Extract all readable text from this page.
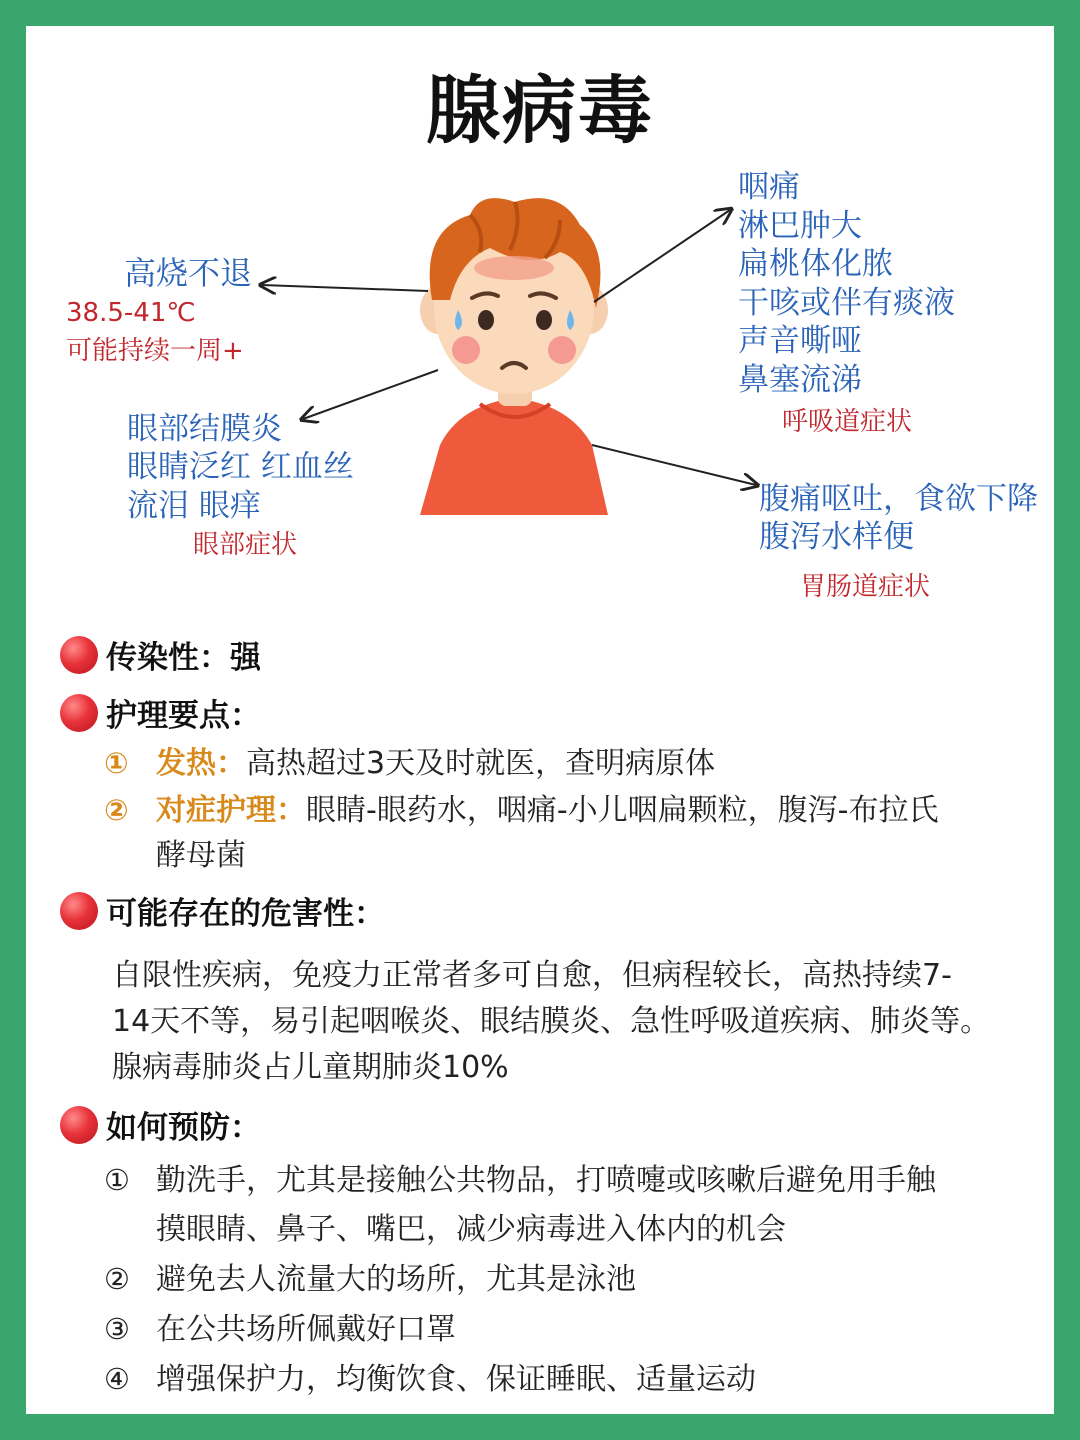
腺病毒
高烧不退
38.5-41℃
可能持续一周+
眼部结膜炎
眼睛泛红 红血丝
流泪 眼痒
眼部症状
咽痛
淋巴肿大
扁桃体化脓
干咳或伴有痰液
声音嘶哑
鼻塞流涕
呼吸道症状
腹痛呕吐，食欲下降
腹泻水样便
胃肠道症状
传染性：强
护理要点：
① 发热：高热超过3天及时就医，查明病原体
② 对症护理：眼睛-眼药水，咽痛-小儿咽扁颗粒，腹泻-布拉氏
酵母菌
可能存在的危害性：
自限性疾病，免疫力正常者多可自愈，但病程较长，高热持续7-
14天不等，易引起咽喉炎、眼结膜炎、急性呼吸道疾病、肺炎等。
腺病毒肺炎占儿童期肺炎10%
如何预防：
① 勤洗手，尤其是接触公共物品，打喷嚏或咳嗽后避免用手触
摸眼睛、鼻子、嘴巴，减少病毒进入体内的机会
② 避免去人流量大的场所，尤其是泳池
③ 在公共场所佩戴好口罩
④ 增强保护力，均衡饮食、保证睡眠、适量运动
